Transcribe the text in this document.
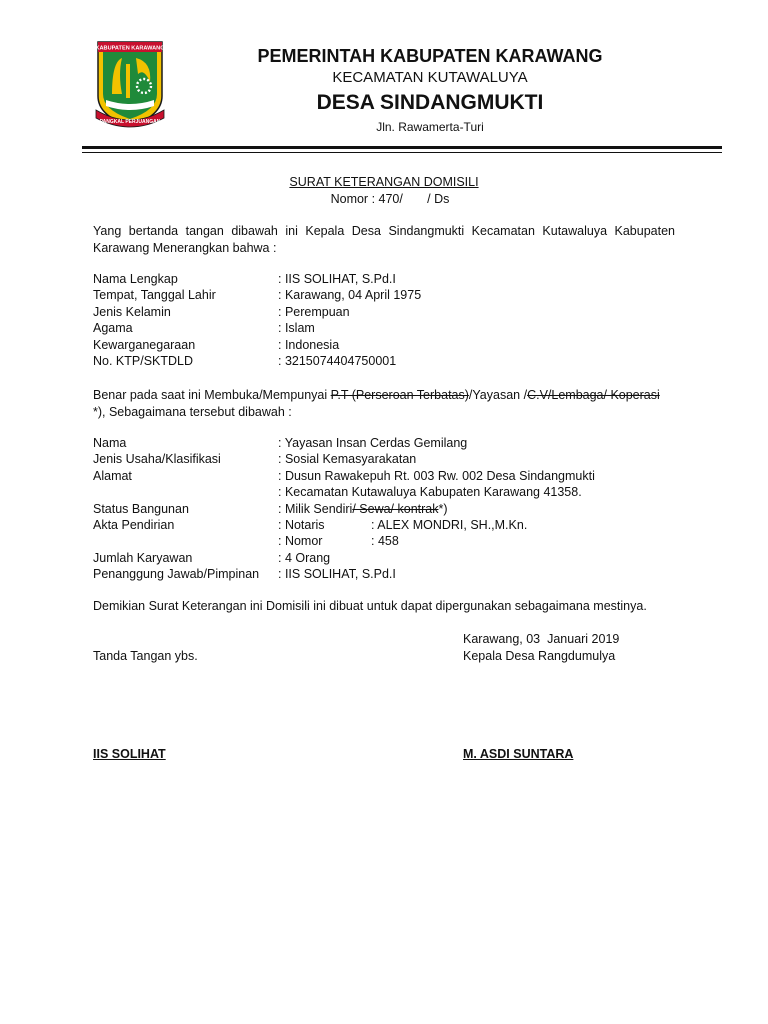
KABUPATEN KARAWANG
PANGKAL PERJUANGAN
PEMERINTAH KABUPATEN KARAWANG
KECAMATAN KUTAWALUYA
DESA SINDANGMUKTI
Jln. Rawamerta-Turi
SURAT KETERANGAN DOMISILI
Nomor : 470/       / Ds
Yang bertanda tangan dibawah ini Kepala Desa Sindangmukti Kecamatan Kutawaluya Kabupaten Karawang Menerangkan bahwa :
Nama Lengkap	: IIS SOLIHAT, S.Pd.I
Tempat, Tanggal Lahir	: Karawang, 04 April 1975
Jenis Kelamin	: Perempuan
Agama	: Islam
Kewarganegaraan	: Indonesia
No. KTP/SKTDLD	: 3215074404750001
Benar pada saat ini Membuka/Mempunyai P.T (Perseroan Terbatas)/Yayasan /C.V/Lembaga/ Koperasi
*), Sebagaimana tersebut dibawah :
Nama	: Yayasan Insan Cerdas Gemilang
Jenis Usaha/Klasifikasi	: Sosial Kemasyarakatan
Alamat	: Dusun Rawakepuh Rt. 003 Rw. 002 Desa Sindangmukti
: Kecamatan Kutawaluya Kabupaten Karawang 41358.
Status Bangunan	: Milik Sendiri/ Sewa/ kontrak*)
Akta Pendirian	: Notaris	: ALEX MONDRI, SH.,M.Kn.
: Nomor	: 458
Jumlah Karyawan	: 4 Orang
Penanggung Jawab/Pimpinan : IIS SOLIHAT, S.Pd.I
Demikian Surat Keterangan ini Domisili ini dibuat untuk dapat dipergunakan sebagaimana mestinya.
Karawang, 03  Januari 2019
Tanda Tangan ybs.	Kepala Desa Rangdumulya
IIS SOLIHAT	M. ASDI SUNTARA
